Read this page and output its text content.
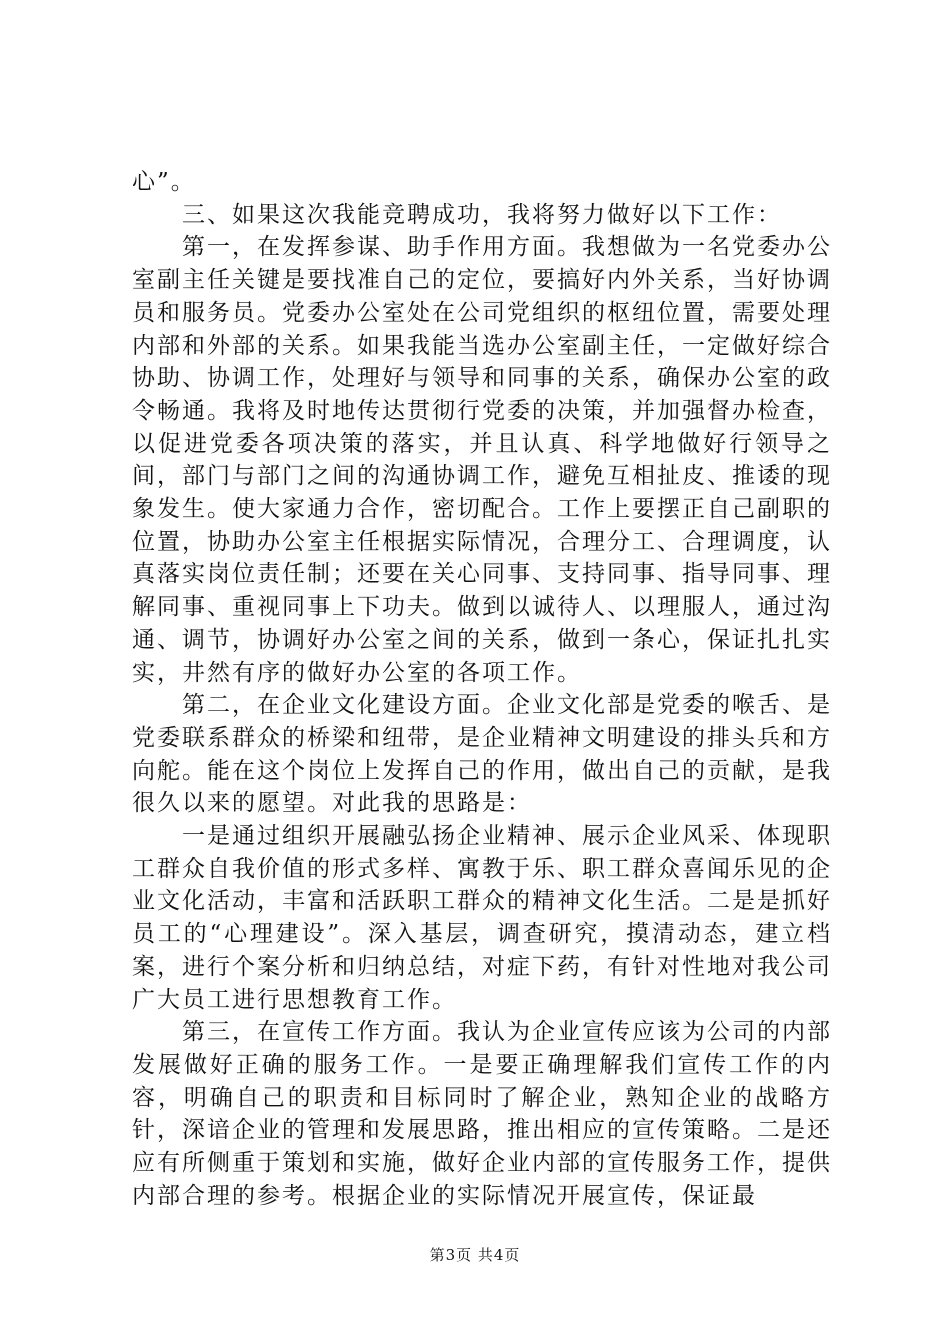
心”。

三、如果这次我能竞聘成功，我将努力做好以下工作：

第一，在发挥参谋、助手作用方面。我想做为一名党委办公室副主任关键是要找准自己的定位，要搞好内外关系，当好协调员和服务员。党委办公室处在公司党组织的枢纽位置，需要处理内部和外部的关系。如果我能当选办公室副主任，一定做好综合协助、协调工作，处理好与领导和同事的关系，确保办公室的政令畅通。我将及时地传达贯彻行党委的决策，并加强督办检查，以促进党委各项决策的落实，并且认真、科学地做好行领导之间，部门与部门之间的沟通协调工作，避免互相扯皮、推诿的现象发生。使大家通力合作，密切配合。工作上要摆正自己副职的位置，协助办公室主任根据实际情况，合理分工、合理调度，认真落实岗位责任制；还要在关心同事、支持同事、指导同事、理解同事、重视同事上下功夫。做到以诚待人、以理服人，通过沟通、调节，协调好办公室之间的关系，做到一条心，保证扎扎实实，井然有序的做好办公室的各项工作。

第二，在企业文化建设方面。企业文化部是党委的喉舌、是党委联系群众的桥梁和纽带，是企业精神文明建设的排头兵和方向舵。能在这个岗位上发挥自己的作用，做出自己的贡献，是我很久以来的愿望。对此我的思路是：

一是通过组织开展融弘扬企业精神、展示企业风采、体现职工群众自我价值的形式多样、寓教于乐、职工群众喜闻乐见的企业文化活动，丰富和活跃职工群众的精神文化生活。二是是抓好员工的“心理建设”。深入基层，调查研究，摸清动态，建立档案，进行个案分析和归纳总结，对症下药，有针对性地对我公司广大员工进行思想教育工作。

第三，在宣传工作方面。我认为企业宣传应该为公司的内部发展做好正确的服务工作。一是要正确理解我们宣传工作的内容，明确自己的职责和目标同时了解企业，熟知企业的战略方针，深谙企业的管理和发展思路，推出相应的宣传策略。二是还应有所侧重于策划和实施，做好企业内部的宣传服务工作，提供内部合理的参考。根据企业的实际情况开展宣传，保证最

第3页 共4页
